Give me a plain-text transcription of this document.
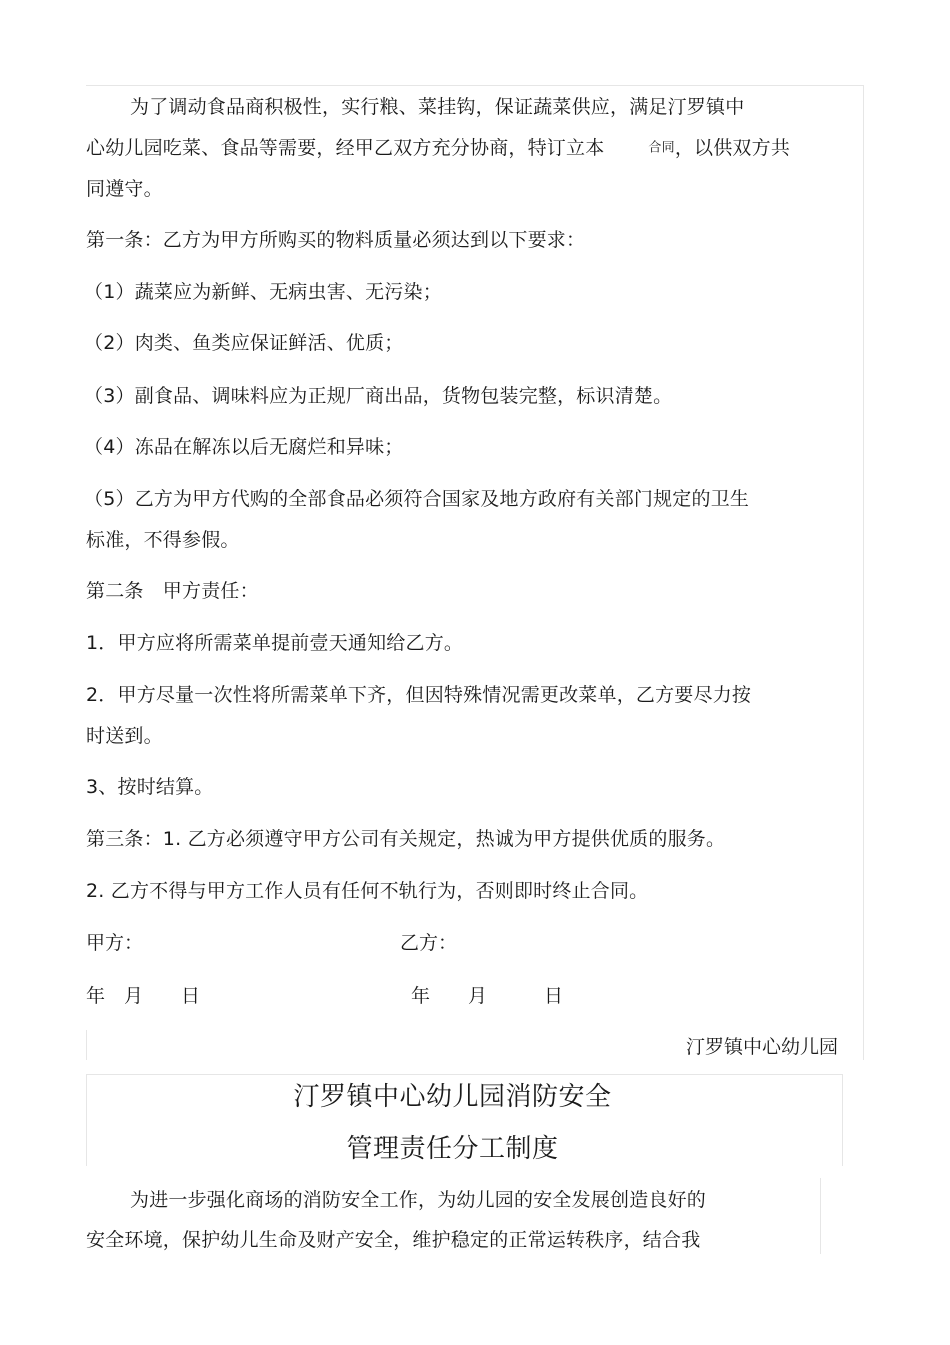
为了调动食品商积极性，实行粮、菜挂钩，保证蔬菜供应，满足汀罗镇中
心幼儿园吃菜、食品等需要，经甲乙双方充分协商，特订立本	合同，以供双方共
同遵守。
第一条：乙方为甲方所购买的物料质量必须达到以下要求：
（1）蔬菜应为新鲜、无病虫害、无污染；
（2）肉类、鱼类应保证鲜活、优质；
（3）副食品、调味料应为正规厂商出品，货物包装完整，标识清楚。
（4）冻品在解冻以后无腐烂和异味；
（5）乙方为甲方代购的全部食品必须符合国家及地方政府有关部门规定的卫生
标准，不得参假。
第二条　甲方责任：
1．甲方应将所需菜单提前壹天通知给乙方。
2．甲方尽量一次性将所需菜单下齐，但因特殊情况需更改菜单，乙方要尽力按
时送到。
3、按时结算。
第三条：1. 乙方必须遵守甲方公司有关规定，热诚为甲方提供优质的服务。
2. 乙方不得与甲方工作人员有任何不轨行为，否则即时终止合同。
甲方：	乙方：
年　月　　日	年　　月　　　日
汀罗镇中心幼儿园
汀罗镇中心幼儿园消防安全
管理责任分工制度
为进一步强化商场的消防安全工作，为幼儿园的安全发展创造良好的
安全环境，保护幼儿生命及财产安全，维护稳定的正常运转秩序，结合我
